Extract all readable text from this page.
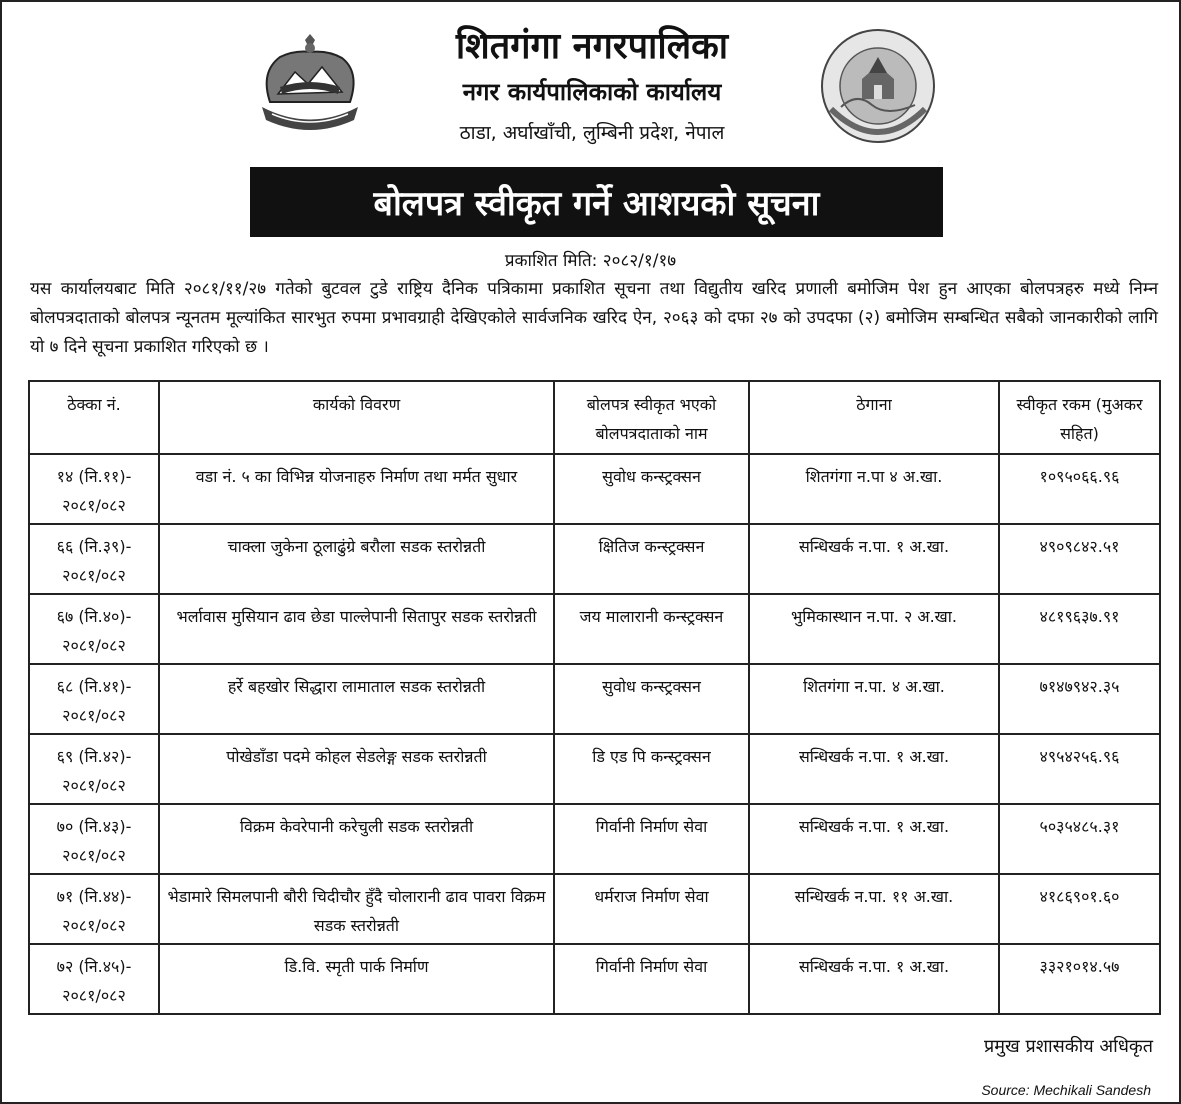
शितगंगा नगरपालिका
नगर कार्यपालिकाको कार्यालय
ठाडा, अर्घाखाँची, लुम्बिनी प्रदेश, नेपाल
बोलपत्र स्वीकृत गर्ने आशयको सूचना
प्रकाशित मिति: २०८२/१/१७
यस कार्यालयबाट मिति २०८१/११/२७ गतेको बुटवल टुडे राष्ट्रिय दैनिक पत्रिकामा प्रकाशित सूचना तथा विद्युतीय खरिद प्रणाली बमोजिम पेश हुन आएका बोलपत्रहरु मध्ये निम्न बोलपत्रदाताको बोलपत्र न्यूनतम मूल्यांकित सारभुत रुपमा प्रभावग्राही देखिएकोले सार्वजनिक खरिद ऐन, २०६३ को दफा २७ को उपदफा (२) बमोजिम सम्बन्धित सबैको जानकारीको लागि यो ७ दिने सूचना प्रकाशित गरिएको छ ।
ठेक्का नं.	कार्यको विवरण	बोलपत्र स्वीकृत भएको बोलपत्रदाताको नाम	ठेगाना	स्वीकृत रकम (मुअकर सहित)
१४ (नि.११)- २०८१/०८२	वडा नं. ५ का विभिन्न योजनाहरु निर्माण तथा मर्मत सुधार	सुवोध कन्स्ट्रक्सन	शितगंगा न.पा ४ अ.खा.	१०९५०६६.९६
६६ (नि.३९)- २०८१/०८२	चाक्ला जुकेना ठूलाढुंग्रे बरौला सडक स्तरोन्नती	क्षितिज कन्स्ट्रक्सन	सन्धिखर्क न.पा. १ अ.खा.	४९०९८४२.५१
६७ (नि.४०)- २०८१/०८२	भर्लावास मुसियान ढाव छेडा पाल्लेपानी सितापुर सडक स्तरोन्नती	जय मालारानी कन्स्ट्रक्सन	भुमिकास्थान न.पा. २ अ.खा.	४८१९६३७.९१
६८ (नि.४१)- २०८१/०८२	हर्रे बहखोर सिद्धारा लामाताल सडक स्तरोन्नती	सुवोध कन्स्ट्रक्सन	शितगंगा न.पा. ४ अ.खा.	७१४७९४२.३५
६९ (नि.४२)- २०८१/०८२	पोखेडाँडा पदमे कोहल सेडलेङ्ग सडक स्तरोन्नती	डि एड पि कन्स्ट्रक्सन	सन्धिखर्क न.पा. १ अ.खा.	४९५४२५६.९६
७० (नि.४३)- २०८१/०८२	विक्रम केवरेपानी करेचुली सडक स्तरोन्नती	गिर्वानी निर्माण सेवा	सन्धिखर्क न.पा. १ अ.खा.	५०३५४८५.३१
७१ (नि.४४)- २०८१/०८२	भेडामारे सिमलपानी बौरी चिदीचौर हुँदै चोलारानी ढाव पावरा विक्रम सडक स्तरोन्नती	धर्मराज निर्माण सेवा	सन्धिखर्क न.पा. ११ अ.खा.	४१८६९०१.६०
७२ (नि.४५)- २०८१/०८२	डि.वि. स्मृती पार्क निर्माण	गिर्वानी निर्माण सेवा	सन्धिखर्क न.पा. १ अ.खा.	३३२१०१४.५७
प्रमुख प्रशासकीय अधिकृत
Source: Mechikali Sandesh
